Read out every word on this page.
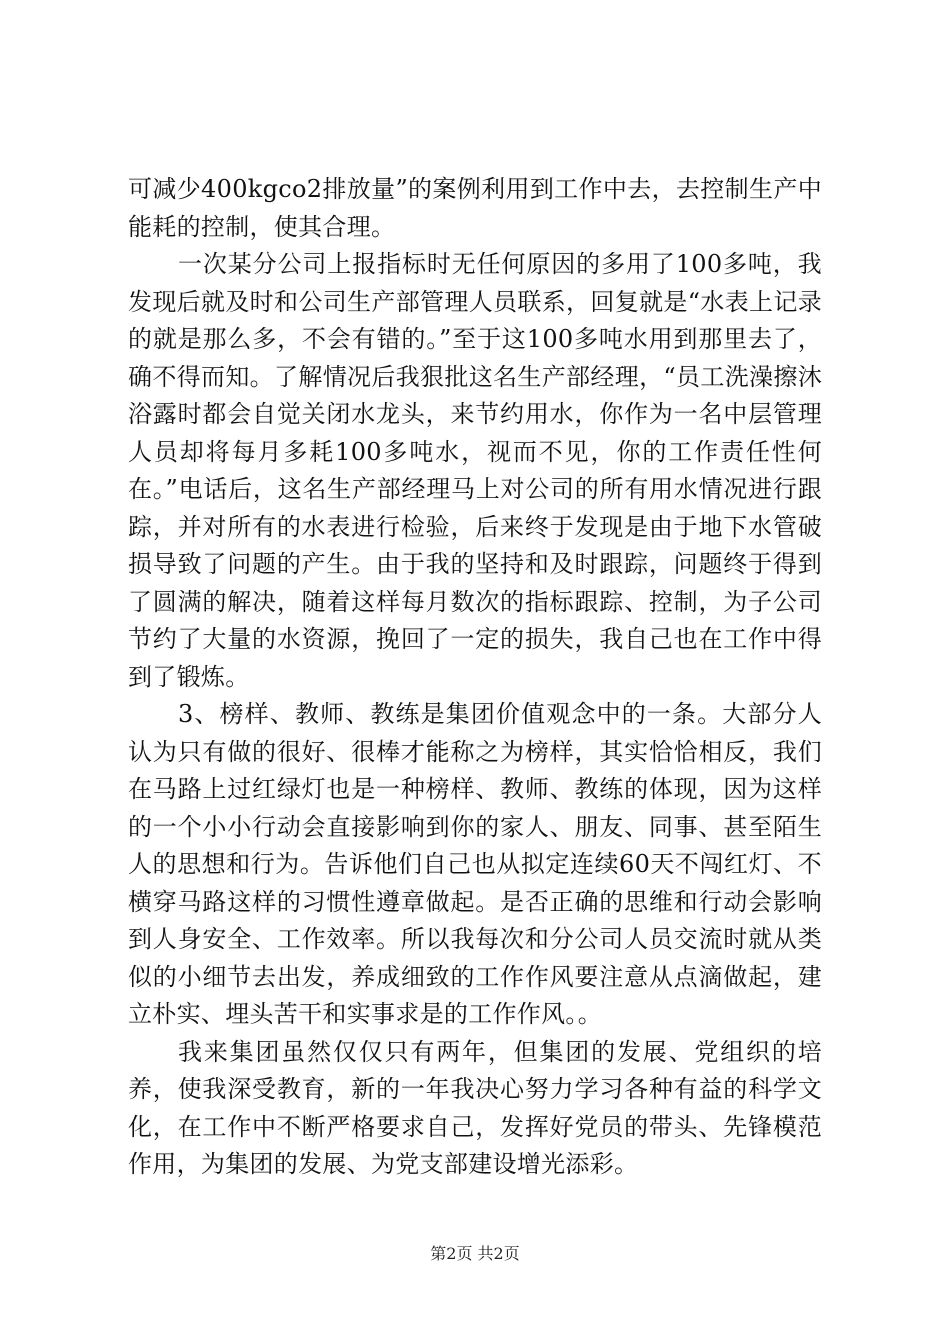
可减少400kgco2排放量”的案例利用到工作中去，去控制生产中能耗的控制，使其合理。

一次某分公司上报指标时无任何原因的多用了100多吨，我发现后就及时和公司生产部管理人员联系，回复就是“水表上记录的就是那么多，不会有错的。”至于这100多吨水用到那里去了，确不得而知。了解情况后我狠批这名生产部经理，“员工洗澡擦沐浴露时都会自觉关闭水龙头，来节约用水，你作为一名中层管理人员却将每月多耗100多吨水，视而不见，你的工作责任性何在。”电话后，这名生产部经理马上对公司的所有用水情况进行跟踪，并对所有的水表进行检验，后来终于发现是由于地下水管破损导致了问题的产生。由于我的坚持和及时跟踪，问题终于得到了圆满的解决，随着这样每月数次的指标跟踪、控制，为子公司节约了大量的水资源，挽回了一定的损失，我自己也在工作中得到了锻炼。

3、榜样、教师、教练是集团价值观念中的一条。大部分人认为只有做的很好、很棒才能称之为榜样，其实恰恰相反，我们在马路上过红绿灯也是一种榜样、教师、教练的体现，因为这样的一个小小行动会直接影响到你的家人、朋友、同事、甚至陌生人的思想和行为。告诉他们自己也从拟定连续60天不闯红灯、不横穿马路这样的习惯性遵章做起。是否正确的思维和行动会影响到人身安全、工作效率。所以我每次和分公司人员交流时就从类似的小细节去出发，养成细致的工作作风要注意从点滴做起，建立朴实、埋头苦干和实事求是的工作作风。。

我来集团虽然仅仅只有两年，但集团的发展、党组织的培养，使我深受教育，新的一年我决心努力学习各种有益的科学文化，在工作中不断严格要求自己，发挥好党员的带头、先锋模范作用，为集团的发展、为党支部建设增光添彩。

第2页 共2页
